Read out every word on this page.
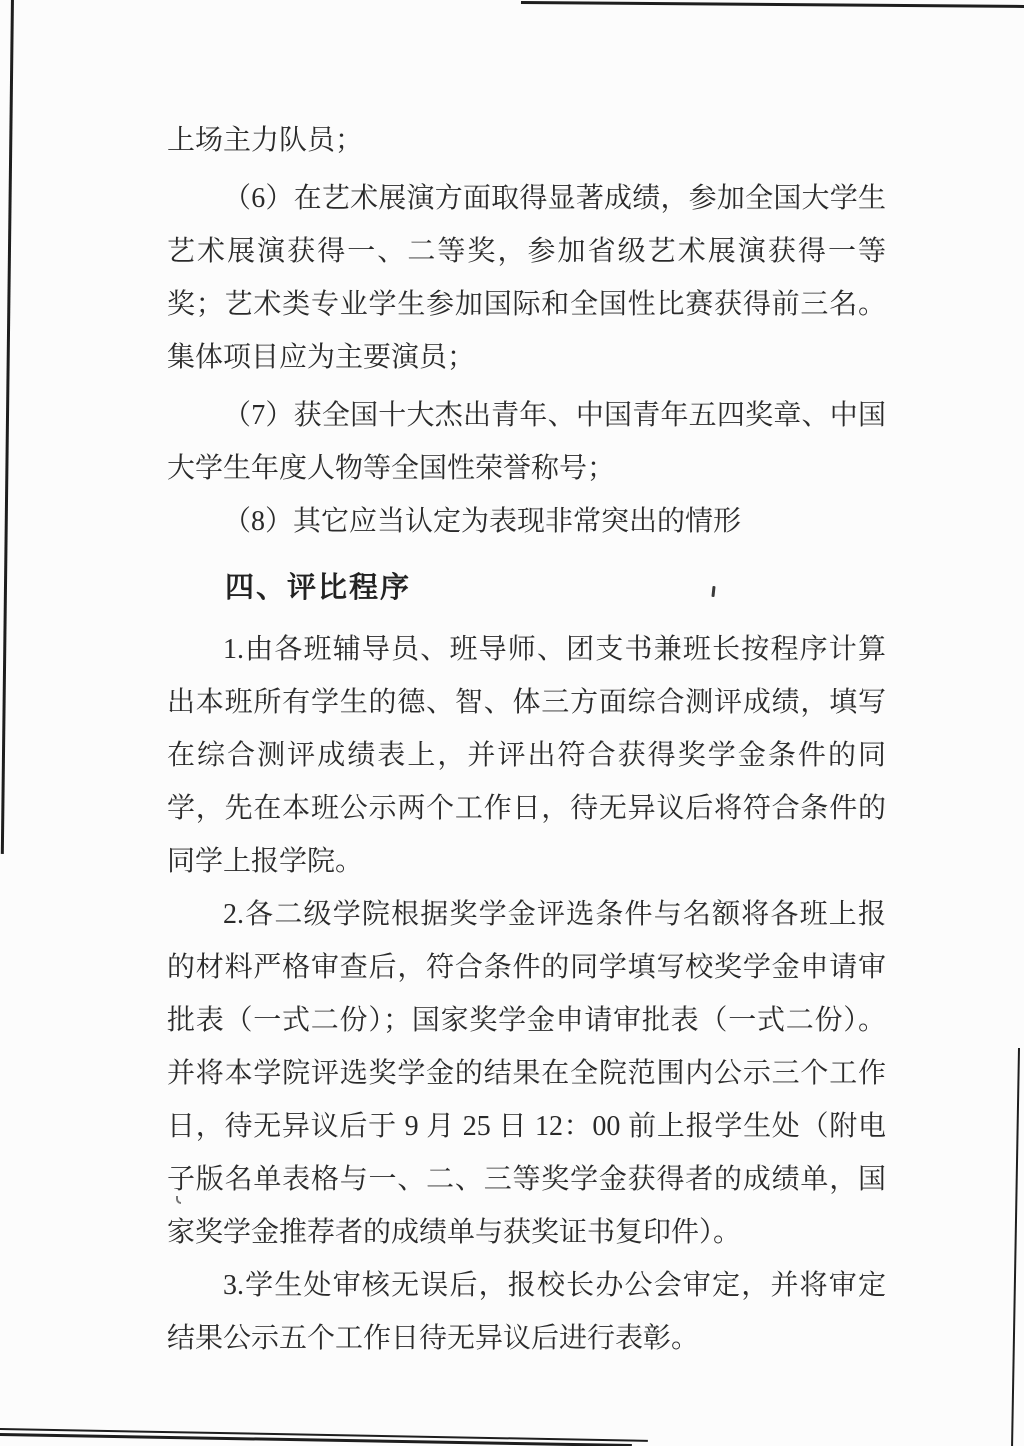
上场主力队员；

（6）在艺术展演方面取得显著成绩，参加全国大学生艺术展演获得一、二等奖，参加省级艺术展演获得一等奖；艺术类专业学生参加国际和全国性比赛获得前三名。集体项目应为主要演员；

（7）获全国十大杰出青年、中国青年五四奖章、中国大学生年度人物等全国性荣誉称号；

（8）其它应当认定为表现非常突出的情形

四、评比程序

1.由各班辅导员、班导师、团支书兼班长按程序计算出本班所有学生的德、智、体三方面综合测评成绩，填写在综合测评成绩表上，并评出符合获得奖学金条件的同学，先在本班公示两个工作日，待无异议后将符合条件的同学上报学院。

2.各二级学院根据奖学金评选条件与名额将各班上报的材料严格审查后，符合条件的同学填写校奖学金申请审批表（一式二份）；国家奖学金申请审批表（一式二份）。并将本学院评选奖学金的结果在全院范围内公示三个工作日，待无异议后于 9 月 25 日 12：00 前上报学生处（附电子版名单表格与一、二、三等奖学金获得者的成绩单，国家奖学金推荐者的成绩单与获奖证书复印件）。

3.学生处审核无误后，报校长办公会审定，并将审定结果公示五个工作日待无异议后进行表彰。
